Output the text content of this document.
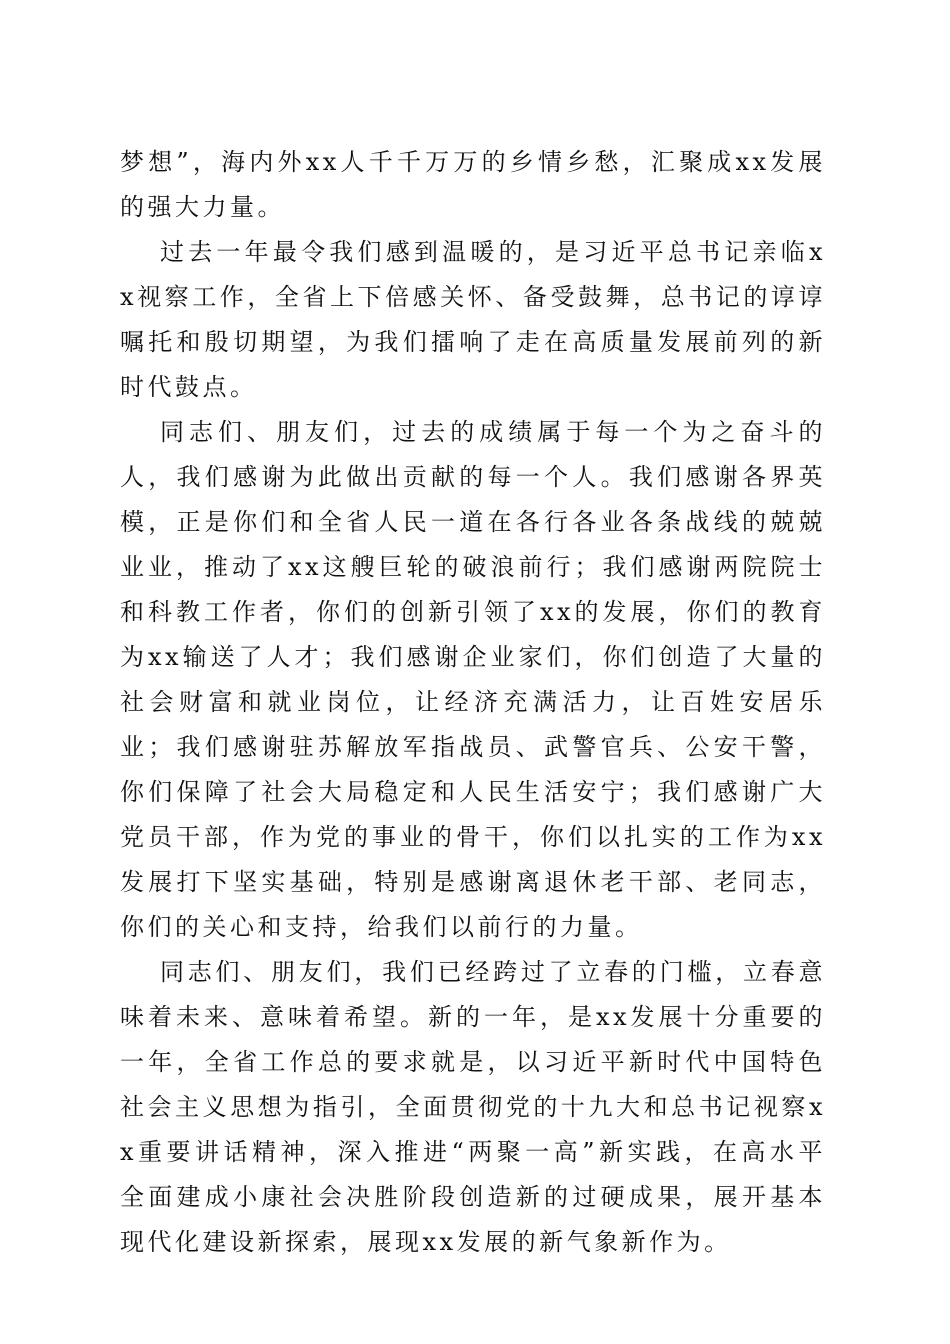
梦想”，海内外xx人千千万万的乡情乡愁，汇聚成xx发展的强大力量。

过去一年最令我们感到温暖的，是习近平总书记亲临xx视察工作，全省上下倍感关怀、备受鼓舞，总书记的谆谆嘱托和殷切期望，为我们擂响了走在高质量发展前列的新时代鼓点。

同志们、朋友们，过去的成绩属于每一个为之奋斗的人，我们感谢为此做出贡献的每一个人。我们感谢各界英模，正是你们和全省人民一道在各行各业各条战线的兢兢业业，推动了xx这艘巨轮的破浪前行；我们感谢两院院士和科教工作者，你们的创新引领了xx的发展，你们的教育为xx输送了人才；我们感谢企业家们，你们创造了大量的社会财富和就业岗位，让经济充满活力，让百姓安居乐业；我们感谢驻苏解放军指战员、武警官兵、公安干警，你们保障了社会大局稳定和人民生活安宁；我们感谢广大党员干部，作为党的事业的骨干，你们以扎实的工作为xx发展打下坚实基础，特别是感谢离退休老干部、老同志，你们的关心和支持，给我们以前行的力量。

同志们、朋友们，我们已经跨过了立春的门槛，立春意味着未来、意味着希望。新的一年，是xx发展十分重要的一年，全省工作总的要求就是，以习近平新时代中国特色社会主义思想为指引，全面贯彻党的十九大和总书记视察xx重要讲话精神，深入推进“两聚一高”新实践，在高水平全面建成小康社会决胜阶段创造新的过硬成果，展开基本现代化建设新探索，展现xx发展的新气象新作为。
